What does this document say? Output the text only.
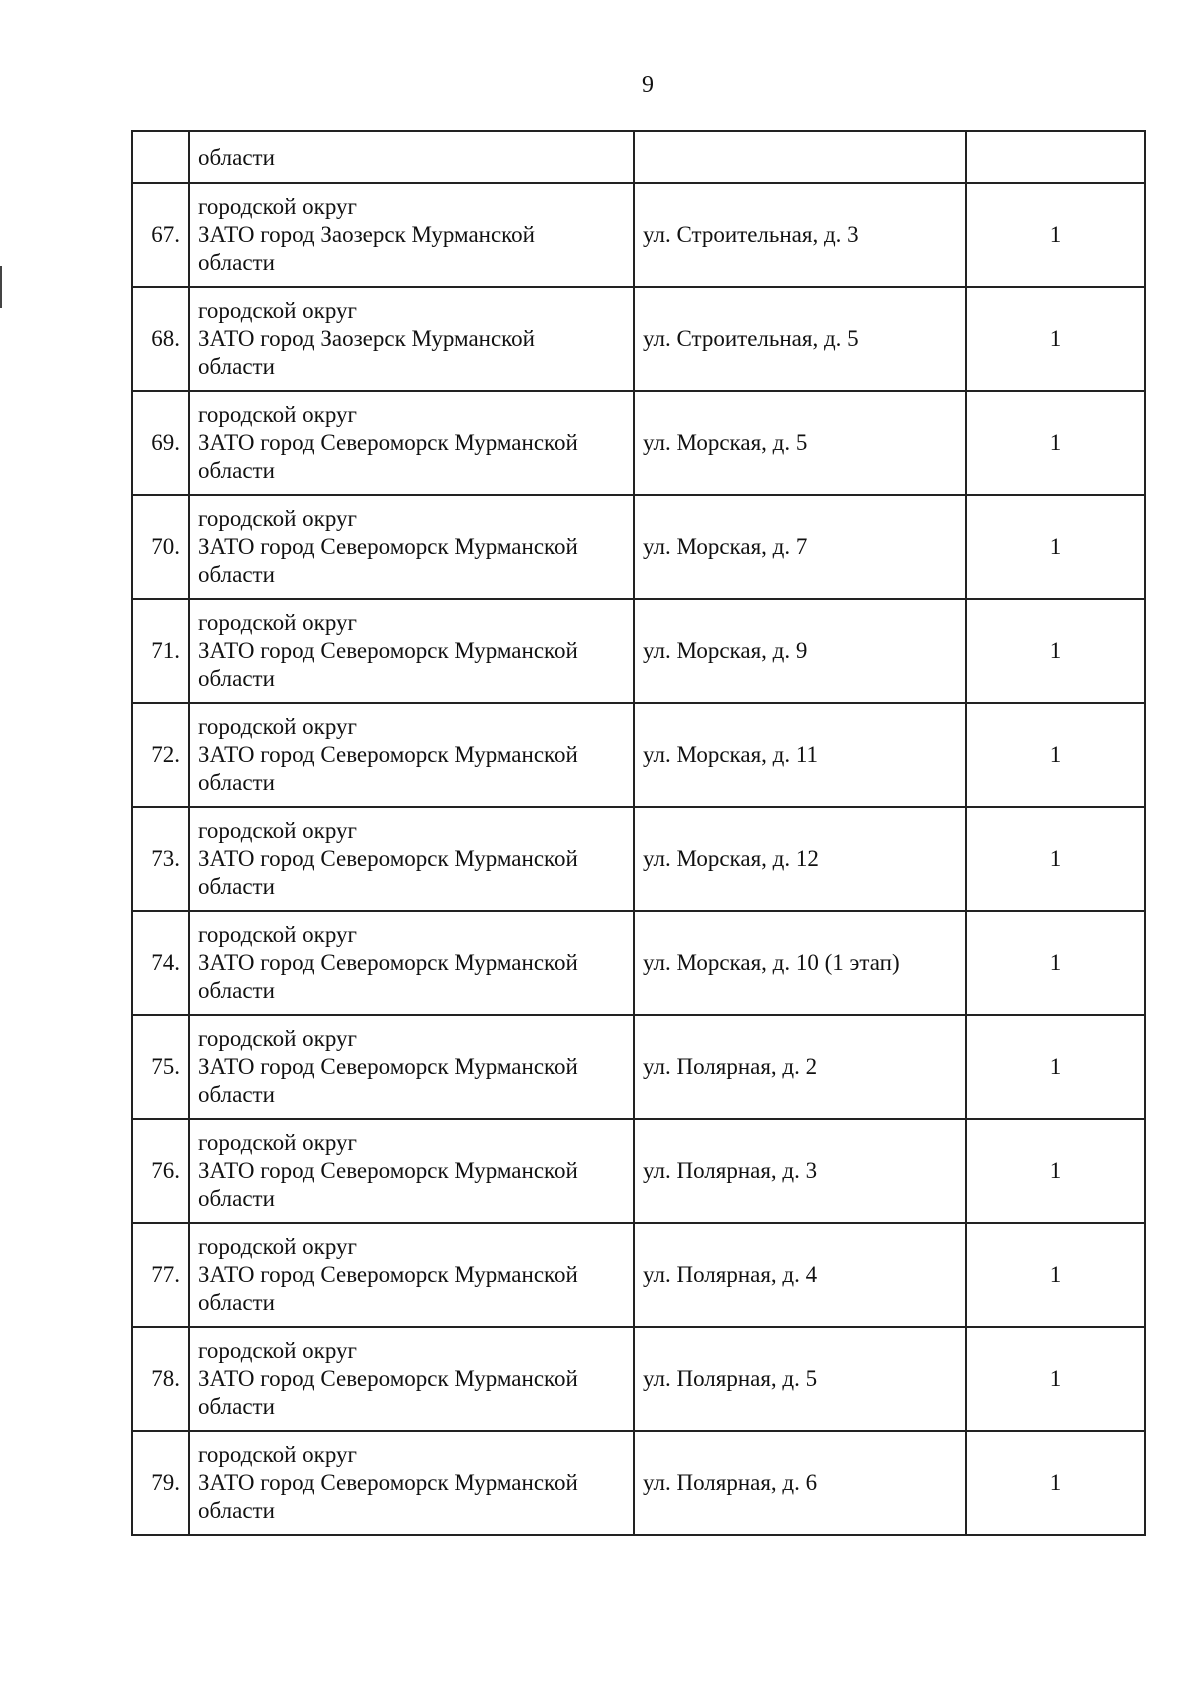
9
	области		
67.	городской округ
ЗАТО город Заозерск Мурманской
области	ул. Строительная, д. 3	1
68.	городской округ
ЗАТО город Заозерск Мурманской
области	ул. Строительная, д. 5	1
69.	городской округ
ЗАТО город Североморск Мурманской
области	ул. Морская, д. 5	1
70.	городской округ
ЗАТО город Североморск Мурманской
области	ул. Морская, д. 7	1
71.	городской округ
ЗАТО город Североморск Мурманской
области	ул. Морская, д. 9	1
72.	городской округ
ЗАТО город Североморск Мурманской
области	ул. Морская, д. 11	1
73.	городской округ
ЗАТО город Североморск Мурманской
области	ул. Морская, д. 12	1
74.	городской округ
ЗАТО город Североморск Мурманской
области	ул. Морская, д. 10 (1 этап)	1
75.	городской округ
ЗАТО город Североморск Мурманской
области	ул. Полярная, д. 2	1
76.	городской округ
ЗАТО город Североморск Мурманской
области	ул. Полярная, д. 3	1
77.	городской округ
ЗАТО город Североморск Мурманской
области	ул. Полярная, д. 4	1
78.	городской округ
ЗАТО город Североморск Мурманской
области	ул. Полярная, д. 5	1
79.	городской округ
ЗАТО город Североморск Мурманской
области	ул. Полярная, д. 6	1
